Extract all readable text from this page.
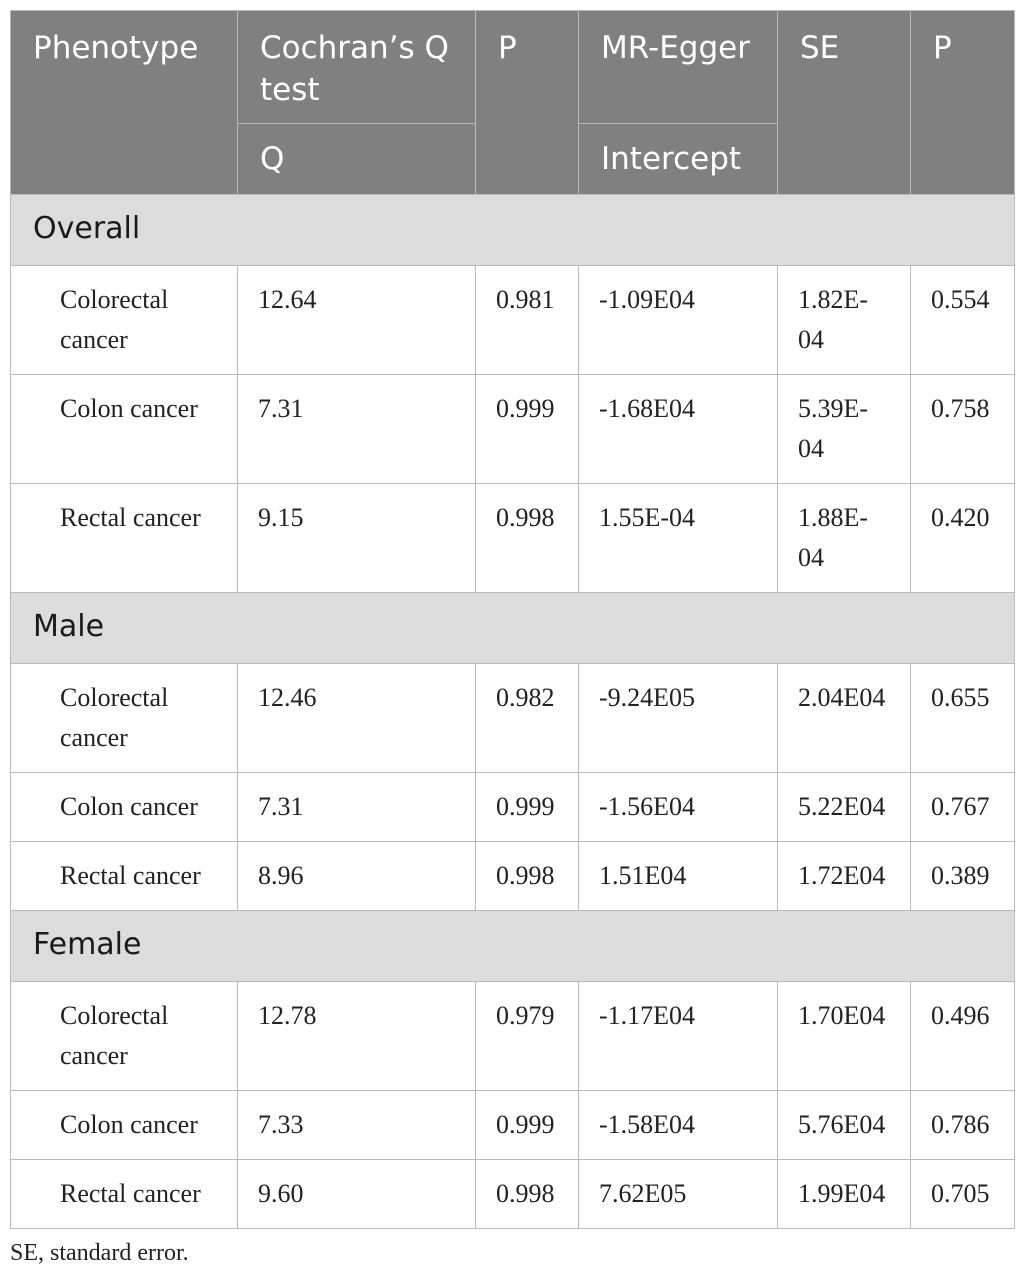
Phenotype	Cochran’s Q test	P	MR-Egger	SE	P
	Q		Intercept		
Overall					
Colorectal cancer	12.64	0.981	-1.09E04	1.82E-04	0.554
Colon cancer	7.31	0.999	-1.68E04	5.39E-04	0.758
Rectal cancer	9.15	0.998	1.55E-04	1.88E-04	0.420
Male					
Colorectal cancer	12.46	0.982	-9.24E05	2.04E04	0.655
Colon cancer	7.31	0.999	-1.56E04	5.22E04	0.767
Rectal cancer	8.96	0.998	1.51E04	1.72E04	0.389
Female					
Colorectal cancer	12.78	0.979	-1.17E04	1.70E04	0.496
Colon cancer	7.33	0.999	-1.58E04	5.76E04	0.786
Rectal cancer	9.60	0.998	7.62E05	1.99E04	0.705
SE, standard error.
